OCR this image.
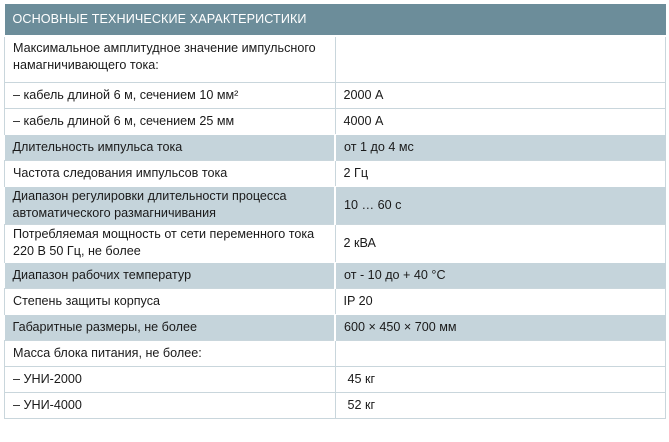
ОСНОВНЫЕ ТЕХНИЧЕСКИЕ ХАРАКТЕРИСТИКИ	
Максимальное амплитудное значение импульсного намагничивающего тока:	
– кабель длиной 6 м, сечением 10 мм²	2000 А
– кабель длиной 6 м, сечением 25 мм	4000 А
Длительность импульса тока	от 1 до 4 мс
Частота следования импульсов тока	2 Гц
Диапазон регулировки длительности процесса автоматического размагничивания	10 … 60 с
Потребляемая мощность от сети переменного тока 220 В 50 Гц, не более	2 кВА
Диапазон рабочих температур	от - 10 до + 40 °С
Степень защиты корпуса	IP 20
Габаритные размеры, не более	600 × 450 × 700 мм
Масса блока питания, не более:	
– УНИ-2000	45 кг
– УНИ-4000	52 кг
